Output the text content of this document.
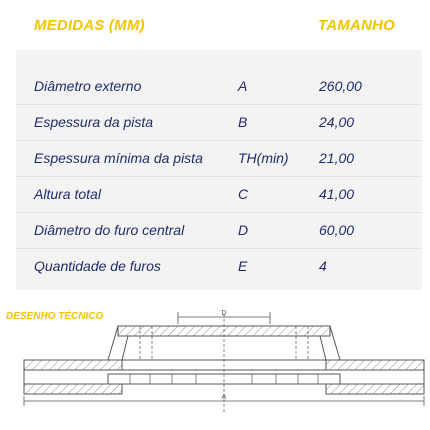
MEDIDAS (MM)	TAMANHO
Diâmetro externo	A	260,00
Espessura da pista	B	24,00
Espessura mínima da pista	TH(min) 21,00
Altura total	C	41,00
Diâmetro do furo central	D	60,00
Quantidade de furos	E	4
D
A
DESENHO TÉCNICO
